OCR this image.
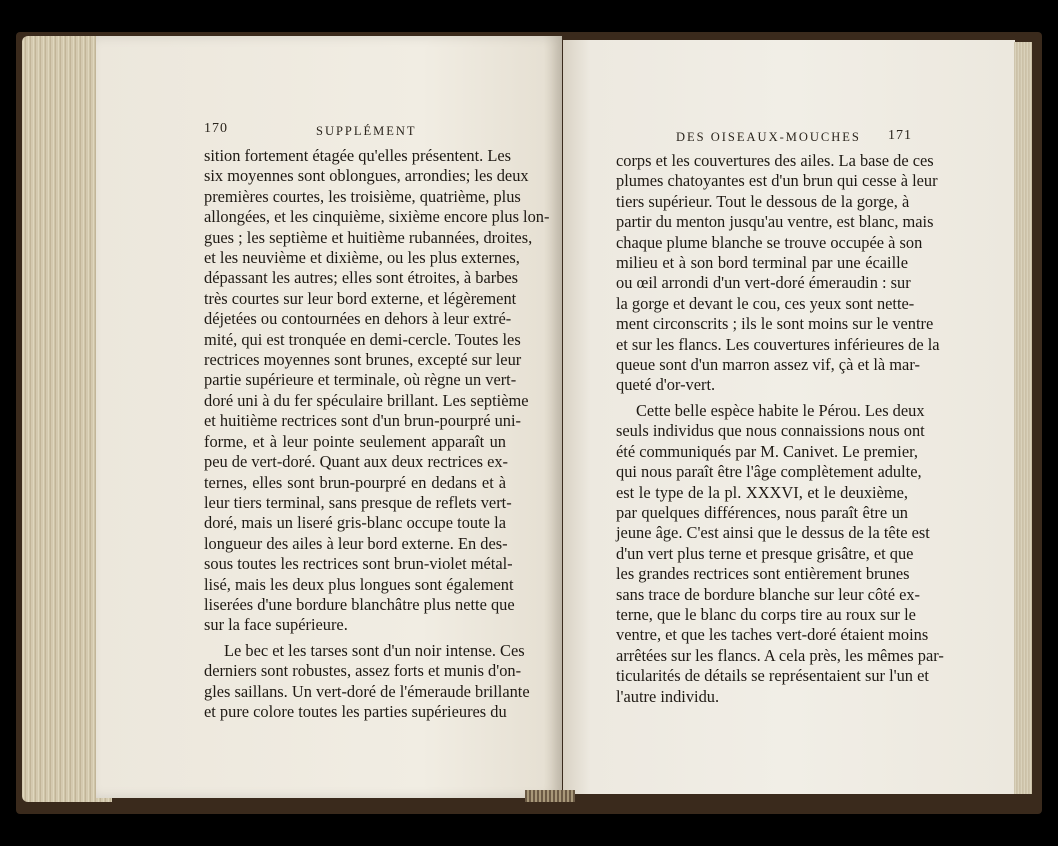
170	SUPPLÉMENT	DES OISEAUX-MOUCHES 171
sition fortement étagée qu'elles présentent. Les
six moyennes sont oblongues, arrondies; les deux
premières courtes, les troisième, quatrième, plus
allongées, et les cinquième, sixième encore plus lon-
gues ; les septième et huitième rubannées, droites,
et les neuvième et dixième, ou les plus externes,
dépassant les autres; elles sont étroites, à barbes
très courtes sur leur bord externe, et légèrement
déjetées ou contournées en dehors à leur extré-
mité, qui est tronquée en demi-cercle. Toutes les
rectrices moyennes sont brunes, excepté sur leur
partie supérieure et terminale, où règne un vert-
doré uni à du fer spéculaire brillant. Les septième
et huitième rectrices sont d'un brun-pourpré uni-
forme, et à leur pointe seulement apparaît un
peu de vert-doré. Quant aux deux rectrices ex-
ternes, elles sont brun-pourpré en dedans et à
leur tiers terminal, sans presque de reflets vert-
doré, mais un liseré gris-blanc occupe toute la
longueur des ailes à leur bord externe. En des-
sous toutes les rectrices sont brun-violet métal-
lisé, mais les deux plus longues sont également
liserées d'une bordure blanchâtre plus nette que
sur la face supérieure.
Le bec et les tarses sont d'un noir intense. Ces
derniers sont robustes, assez forts et munis d'on-
gles saillans. Un vert-doré de l'émeraude brillante
et pure colore toutes les parties supérieures du
corps et les couvertures des ailes. La base de ces
plumes chatoyantes est d'un brun qui cesse à leur
tiers supérieur. Tout le dessous de la gorge, à
partir du menton jusqu'au ventre, est blanc, mais
chaque plume blanche se trouve occupée à son
milieu et à son bord terminal par une écaille
ou œil arrondi d'un vert-doré émeraudin : sur
la gorge et devant le cou, ces yeux sont nette-
ment circonscrits ; ils le sont moins sur le ventre
et sur les flancs. Les couvertures inférieures de la
queue sont d'un marron assez vif, çà et là mar-
queté d'or-vert.
Cette belle espèce habite le Pérou. Les deux
seuls individus que nous connaissions nous ont
été communiqués par M. Canivet. Le premier,
qui nous paraît être l'âge complètement adulte,
est le type de la pl. XXXVI, et le deuxième,
par quelques différences, nous paraît être un
jeune âge. C'est ainsi que le dessus de la tête est
d'un vert plus terne et presque grisâtre, et que
les grandes rectrices sont entièrement brunes
sans trace de bordure blanche sur leur côté ex-
terne, que le blanc du corps tire au roux sur le
ventre, et que les taches vert-doré étaient moins
arrêtées sur les flancs. A cela près, les mêmes par-
ticularités de détails se représentaient sur l'un et
l'autre individu.
